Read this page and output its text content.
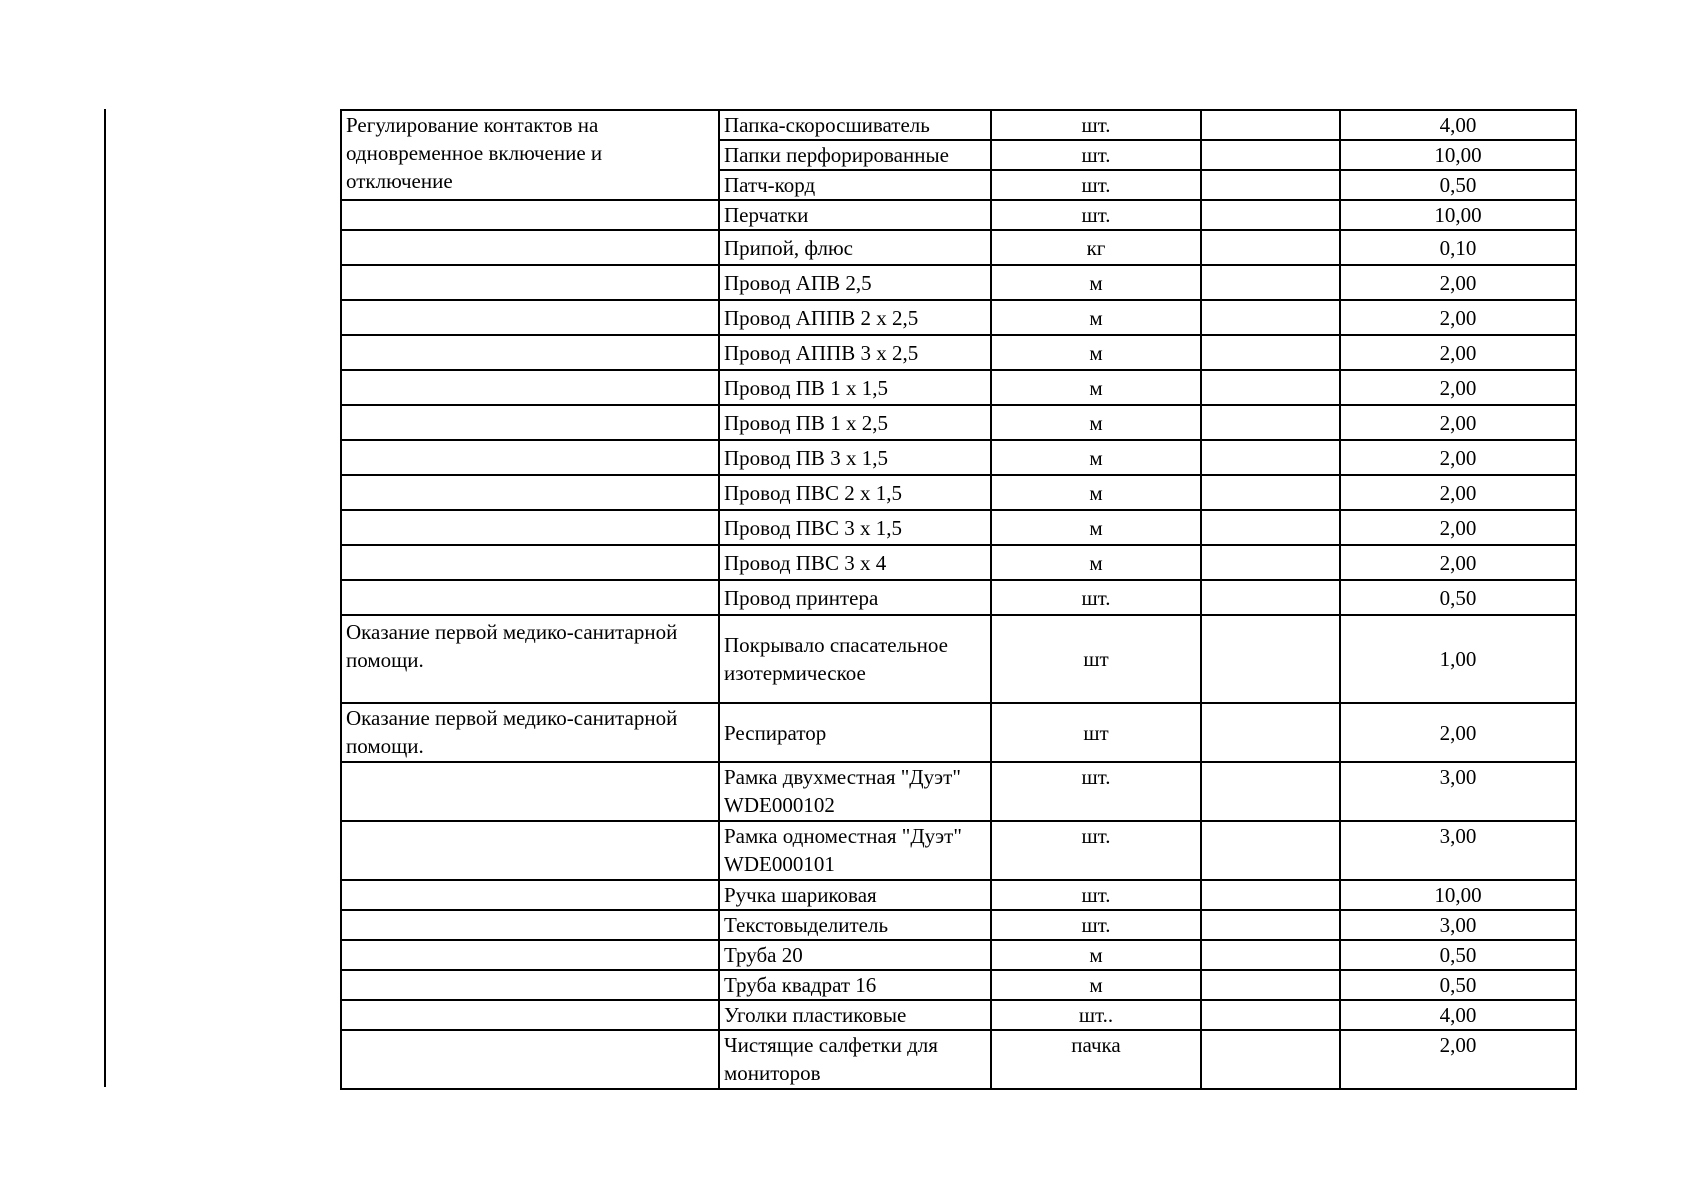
Регулирование контактов на одновременное включение и отключение	Папка-скоросшиватель	шт.		4,00
	Папки перфорированные	шт.		10,00
	Патч-корд	шт.		0,50
	Перчатки	шт.		10,00
	Припой, флюс	кг		0,10
	Провод АПВ 2,5	м		2,00
	Провод АППВ 2 х 2,5	м		2,00
	Провод АППВ 3 х 2,5	м		2,00
	Провод ПВ 1 х 1,5	м		2,00
	Провод ПВ 1 х 2,5	м		2,00
	Провод ПВ 3 х 1,5	м		2,00
	Провод ПВС 2 х 1,5	м		2,00
	Провод ПВС 3 х 1,5	м		2,00
	Провод ПВС 3 х 4	м		2,00
	Провод принтера	шт.		0,50
Оказание первой медико-санитарной помощи.	Покрывало спасательное изотермическое	шт		1,00
Оказание первой медико-санитарной помощи.	Респиратор	шт		2,00
	Рамка двухместная "Дуэт" WDE000102	шт.		3,00
	Рамка одноместная "Дуэт" WDE000101	шт.		3,00
	Ручка шариковая	шт.		10,00
	Текстовыделитель	шт.		3,00
	Труба 20	м		0,50
	Труба квадрат 16	м		0,50
	Уголки пластиковые	шт..		4,00
	Чистящие салфетки для мониторов	пачка		2,00
